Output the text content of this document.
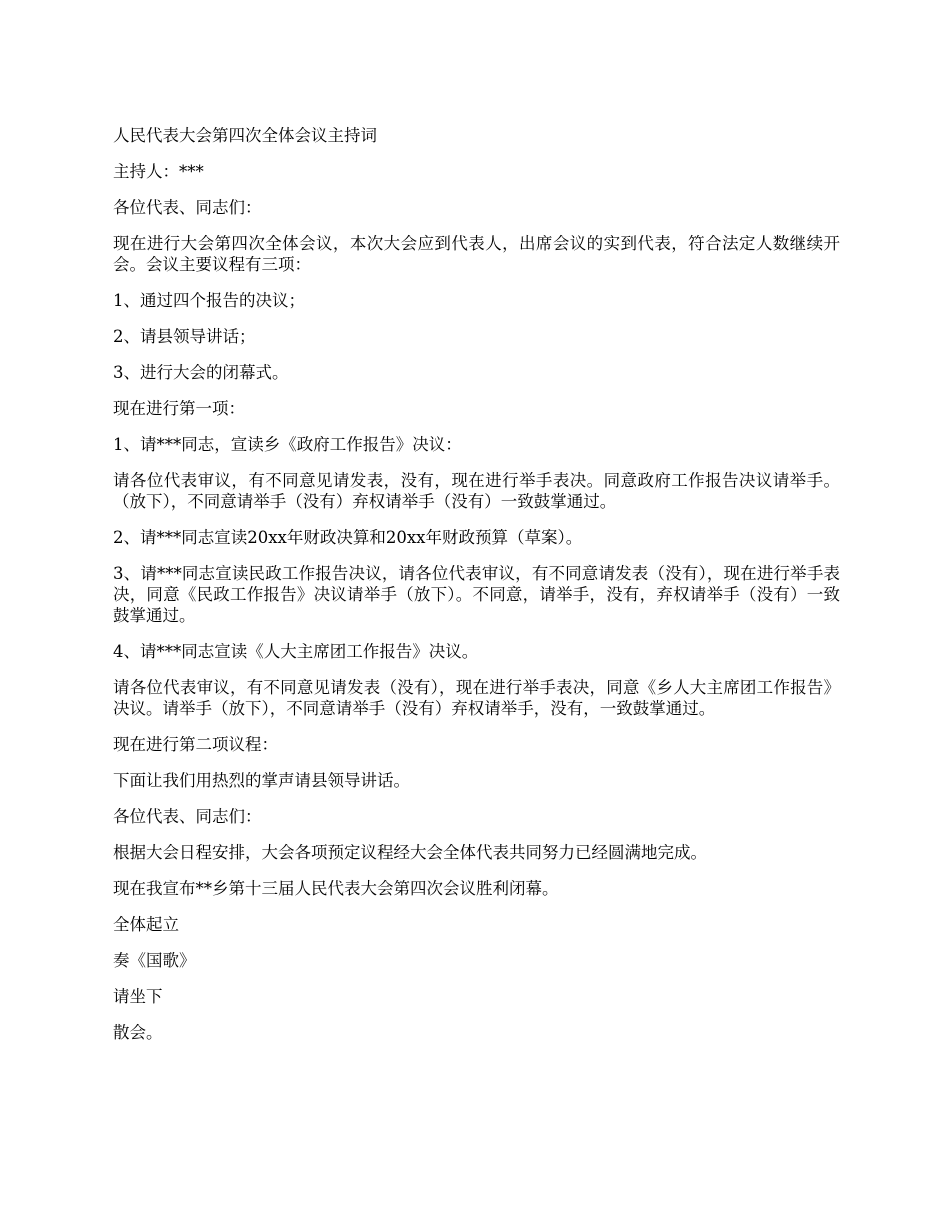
人民代表大会第四次全体会议主持词

主持人：***

各位代表、同志们：

现在进行大会第四次全体会议，本次大会应到代表人，出席会议的实到代表，符合法定人数继续开会。会议主要议程有三项：

1、通过四个报告的决议；

2、请县领导讲话；

3、进行大会的闭幕式。

现在进行第一项：

1、请***同志，宣读乡《政府工作报告》决议：

请各位代表审议，有不同意见请发表，没有，现在进行举手表决。同意政府工作报告决议请举手。（放下），不同意请举手（没有）弃权请举手（没有）一致鼓掌通过。

2、请***同志宣读20xx年财政决算和20xx年财政预算（草案）。

3、请***同志宣读民政工作报告决议，请各位代表审议，有不同意请发表（没有），现在进行举手表决，同意《民政工作报告》决议请举手（放下）。不同意，请举手，没有，弃权请举手（没有）一致鼓掌通过。

4、请***同志宣读《人大主席团工作报告》决议。

请各位代表审议，有不同意见请发表（没有），现在进行举手表决，同意《乡人大主席团工作报告》决议。请举手（放下），不同意请举手（没有）弃权请举手，没有，一致鼓掌通过。

现在进行第二项议程：

下面让我们用热烈的掌声请县领导讲话。

各位代表、同志们：

根据大会日程安排，大会各项预定议程经大会全体代表共同努力已经圆满地完成。

现在我宣布**乡第十三届人民代表大会第四次会议胜利闭幕。

全体起立

奏《国歌》

请坐下

散会。
